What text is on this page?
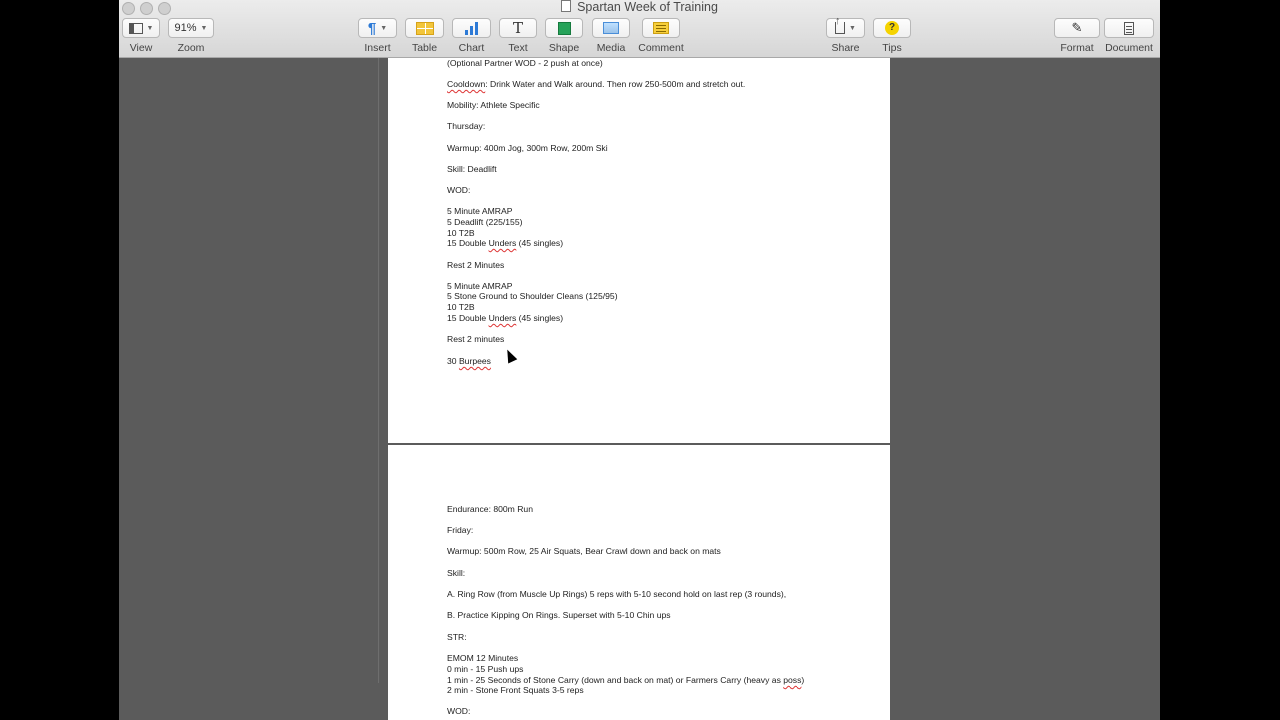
Spartan Week of Training
▼
View
91% ▼
Zoom
¶ ▼
Insert	Table	Chart
T
Text	Shape	Media	Comment
↑
▼
Share
?
Tips
✎
Format	Document
(Optional Partner WOD - 2 push at once)
Cooldown: Drink Water and Walk around. Then row 250-500m and stretch out.
Mobility: Athlete Specific
Thursday:
Warmup: 400m Jog, 300m Row, 200m Ski
Skill: Deadlift
WOD:
5 Minute AMRAP
5 Deadlift (225/155)
10 T2B
15 Double Unders (45 singles)
Rest 2 Minutes
5 Minute AMRAP
5 Stone Ground to Shoulder Cleans (125/95)
10 T2B
15 Double Unders (45 singles)
Rest 2 minutes
30 Burpees
Endurance: 800m Run
Friday:
Warmup: 500m Row, 25 Air Squats, Bear Crawl down and back on mats
Skill:
A. Ring Row (from Muscle Up Rings) 5 reps with 5-10 second hold on last rep (3 rounds),
B. Practice Kipping On Rings. Superset with 5-10 Chin ups
STR:
EMOM 12 Minutes
0 min - 15 Push ups
1 min - 25 Seconds of Stone Carry (down and back on mat) or Farmers Carry (heavy as poss)
2 min - Stone Front Squats 3-5 reps
WOD:
